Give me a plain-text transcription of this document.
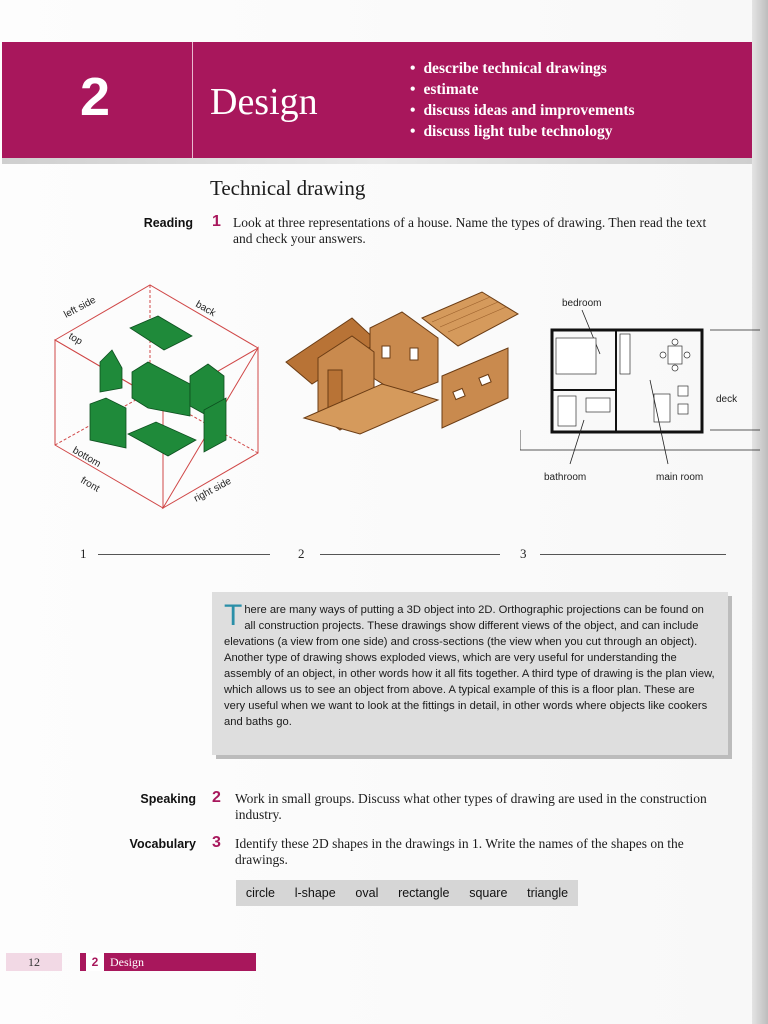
2	Design
• describe technical drawings
• estimate
• discuss ideas and improvements
• discuss light tube technology
Technical drawing
Reading 1 Look at three representations of a house. Name the types of drawing. Then read the text and check your answers.
left side	back
top
bottom
front	right side
bedroom
deck
bathroom	main room
1	2	3

There are many ways of putting a 3D object into 2D. Orthographic projections can be found on all construction projects. These drawings show different views of the object, and can include elevations (a view from one side) and cross-sections (the view when you cut through an object). Another type of drawing shows exploded views, which are very useful for understanding the assembly of an object, in other words how it all fits together. A third type of drawing is the plan view, which allows us to see an object from above. A typical example of this is a floor plan. These are very useful when we want to look at the fittings in detail, in other words where objects like cookers and baths go.

Speaking 2 Work in small groups. Discuss what other types of drawing are used in the construction industry.
Vocabulary 3 Identify these 2D shapes in the drawings in 1. Write the names of the shapes on the drawings.
circle l-shape oval rectangle square triangle
12	2 Design
